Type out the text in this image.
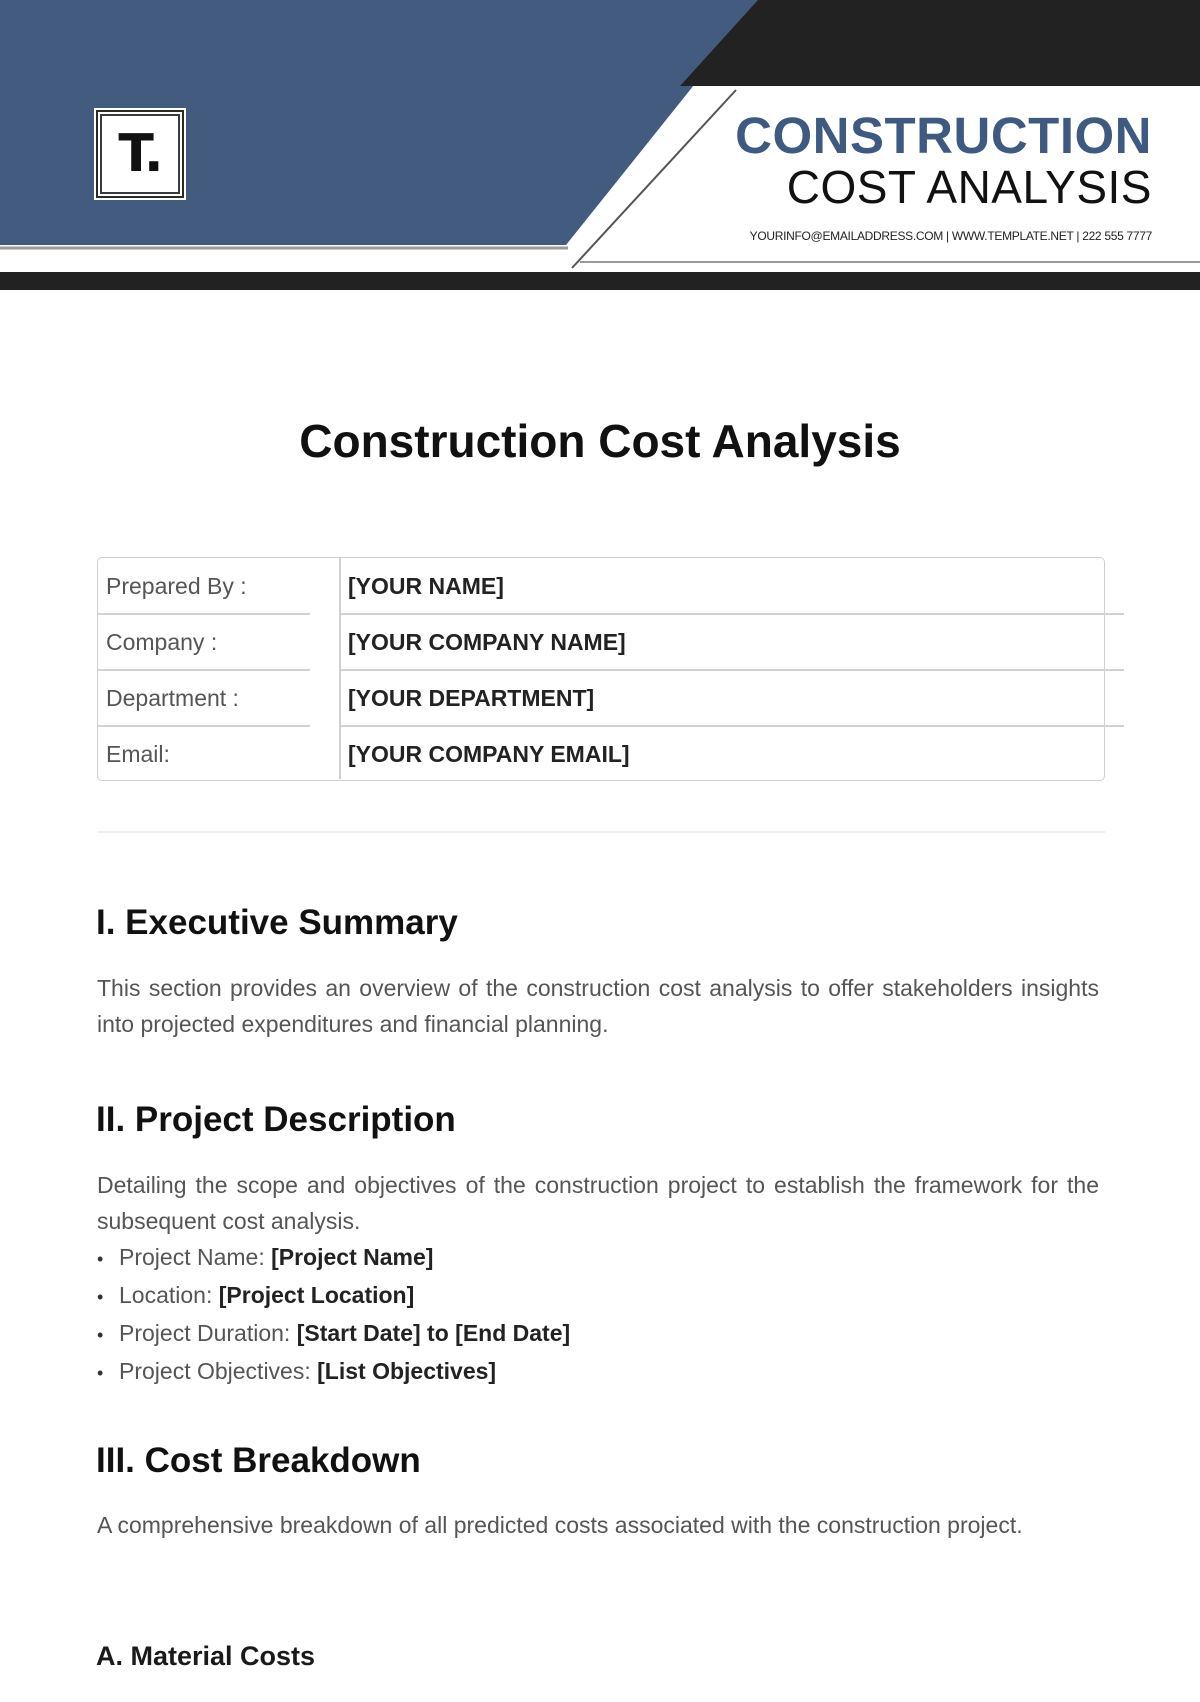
T.	CONSTRUCTION
COST ANALYSIS
YOURINFO@EMAILADDRESS.COM | WWW.TEMPLATE.NET | 222 555 7777
Construction Cost Analysis
Prepared By :	[YOUR NAME]
Company :	[YOUR COMPANY NAME]
Department :	[YOUR DEPARTMENT]
Email:	[YOUR COMPANY EMAIL]
I. Executive Summary
This section provides an overview of the construction cost analysis to offer stakeholders insights into projected expenditures and financial planning.
II. Project Description
Detailing the scope and objectives of the construction project to establish the framework for the subsequent cost analysis.
• Project Name: [Project Name]
• Location: [Project Location]
• Project Duration: [Start Date] to [End Date]
• Project Objectives: [List Objectives]
III. Cost Breakdown
A comprehensive breakdown of all predicted costs associated with the construction project.
A. Material Costs
